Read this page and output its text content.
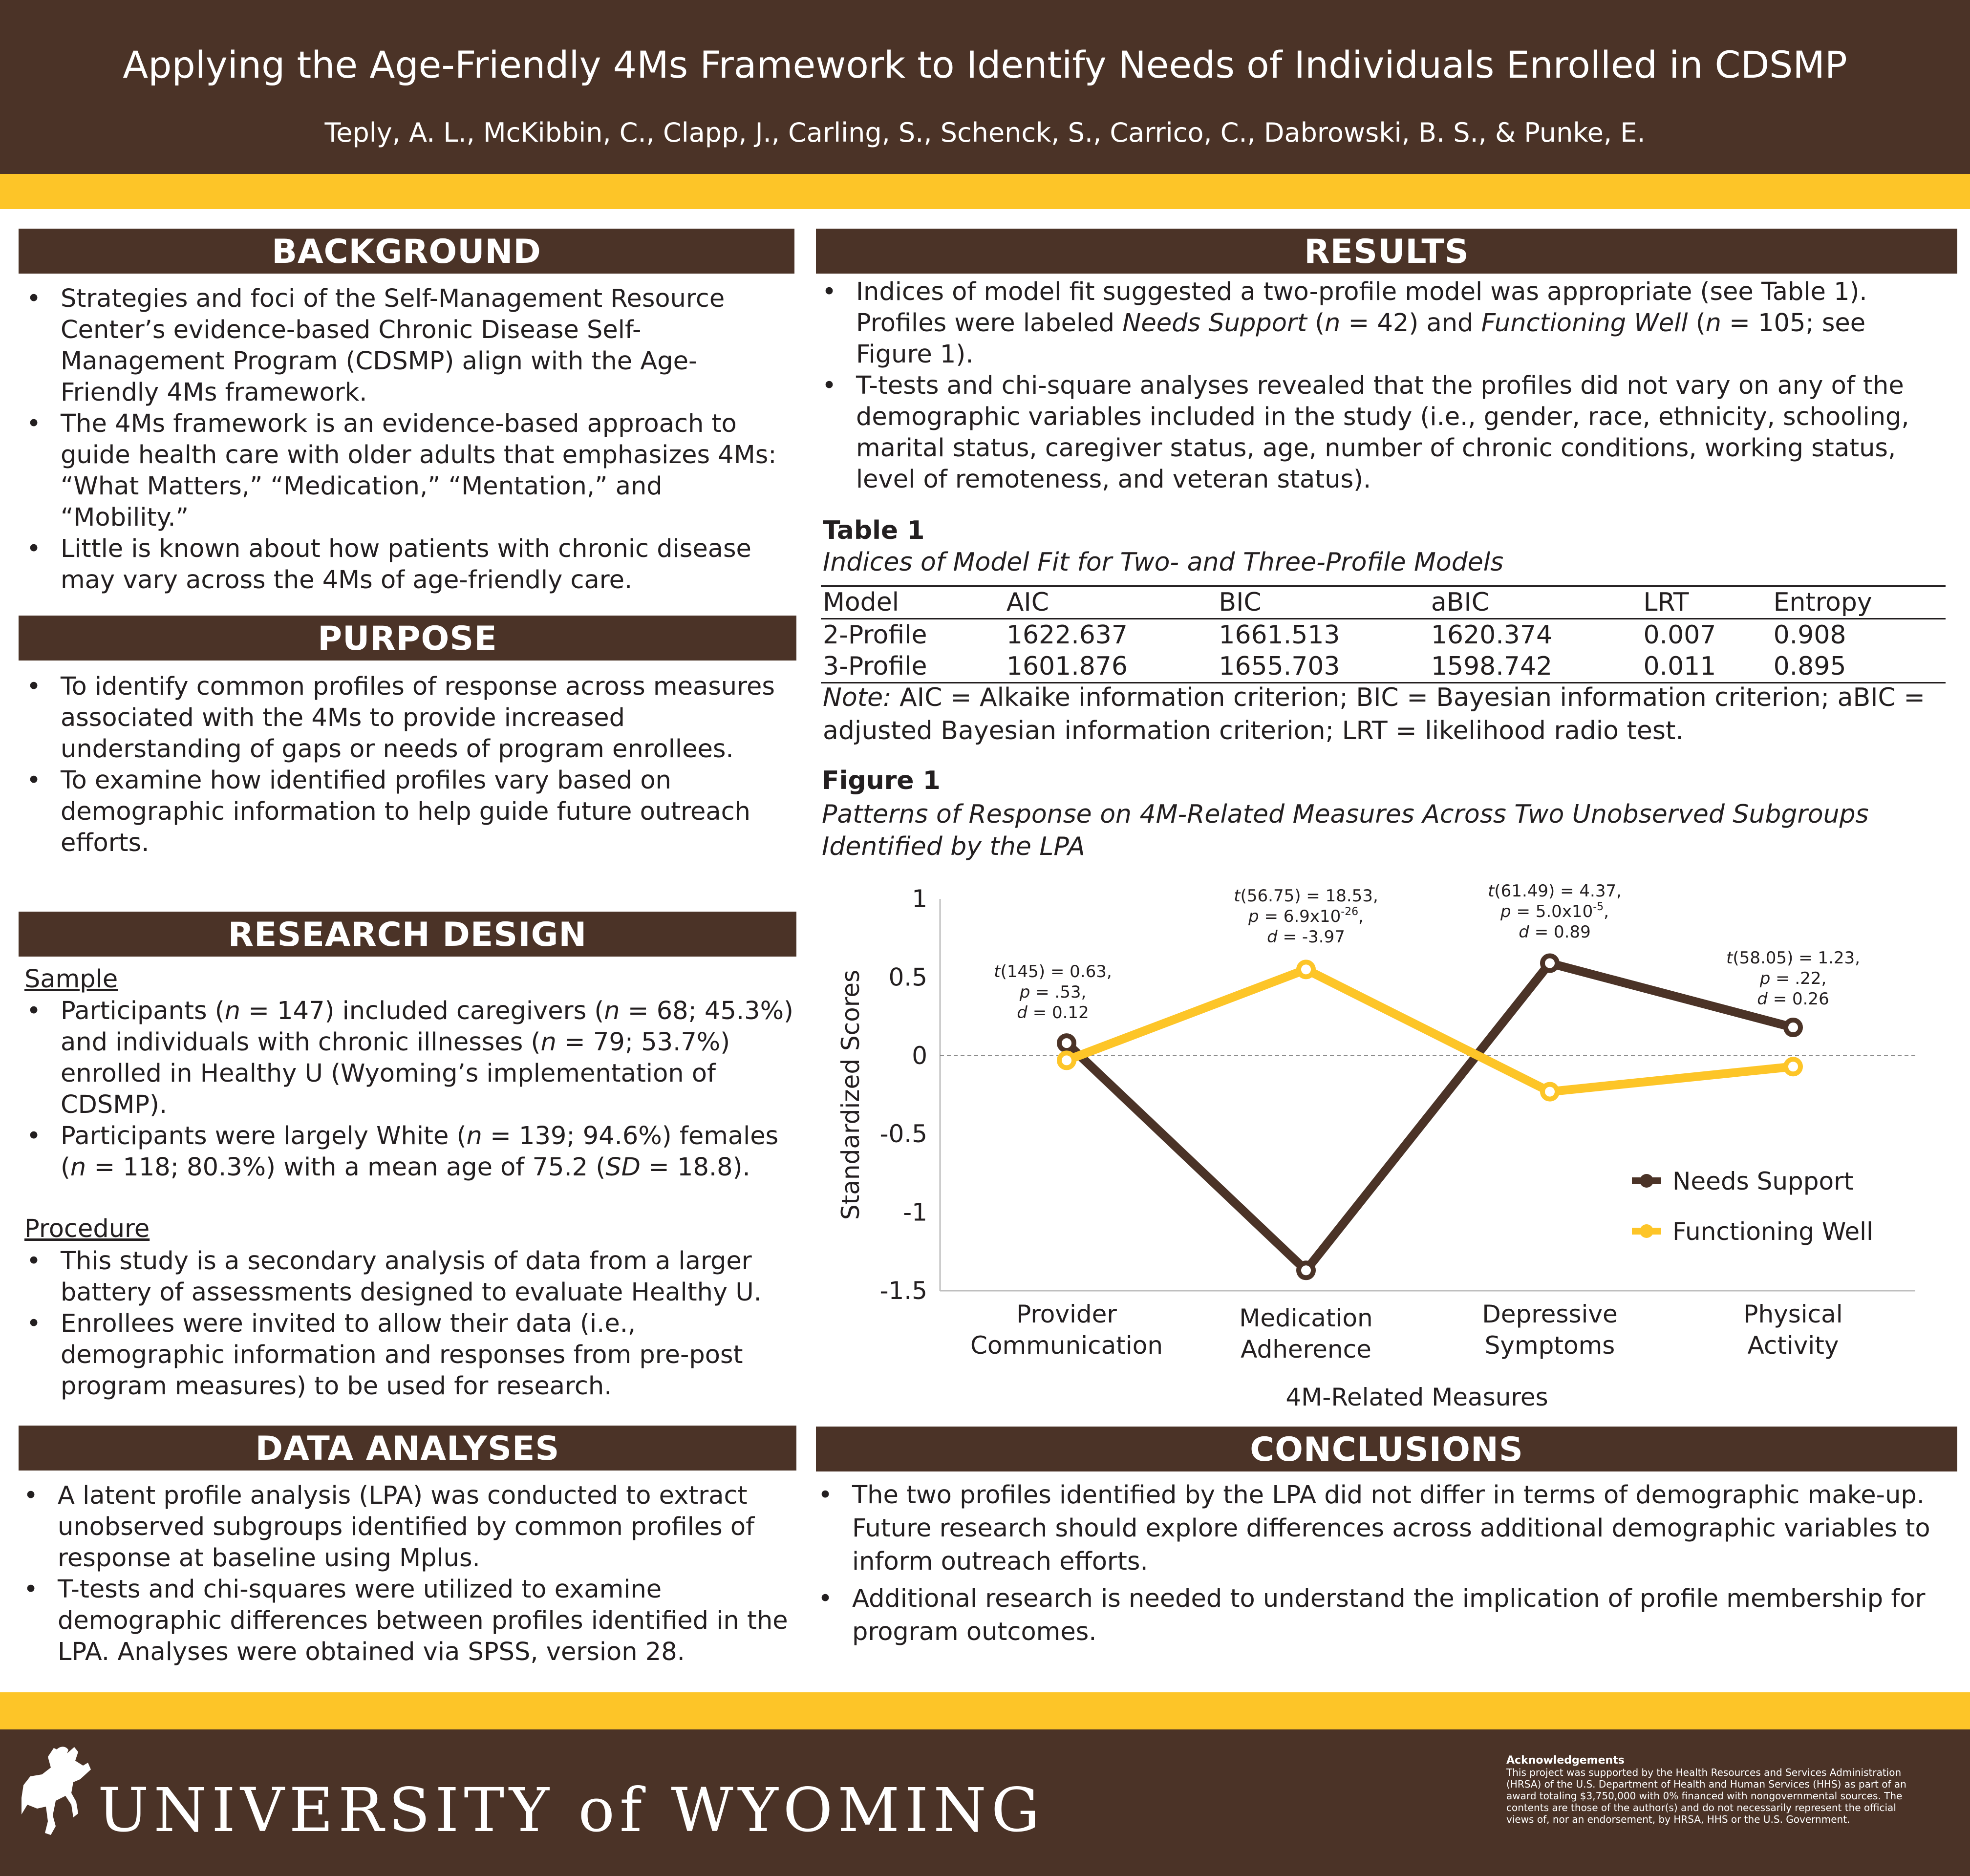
Applying the Age-Friendly 4Ms Framework to Identify Needs of Individuals Enrolled in CDSMP
Teply, A. L., McKibbin, C., Clapp, J., Carling, S., Schenck, S., Carrico, C., Dabrowski, B. S., & Punke, E.
BACKGROUND
• Strategies and foci of the Self-Management Resource Center’s evidence-based Chronic Disease Self-Management Program (CDSMP) align with the Age-Friendly 4Ms framework.
• The 4Ms framework is an evidence-based approach to guide health care with older adults that emphasizes 4Ms: “What Matters,” “Medication,” “Mentation,” and “Mobility.”
• Little is known about how patients with chronic disease may vary across the 4Ms of age-friendly care.
PURPOSE
• To identify common profiles of response across measures associated with the 4Ms to provide increased understanding of gaps or needs of program enrollees.
• To examine how identified profiles vary based on demographic information to help guide future outreach efforts.
RESEARCH DESIGN
Sample
• Participants (n = 147) included caregivers (n = 68; 45.3%) and individuals with chronic illnesses (n = 79; 53.7%) enrolled in Healthy U (Wyoming’s implementation of CDSMP).
• Participants were largely White (n = 139; 94.6%) females (n = 118; 80.3%) with a mean age of 75.2 (SD = 18.8).
Procedure
• This study is a secondary analysis of data from a larger battery of assessments designed to evaluate Healthy U.
• Enrollees were invited to allow their data (i.e., demographic information and responses from pre-post program measures) to be used for research.
DATA ANALYSES
• A latent profile analysis (LPA) was conducted to extract unobserved subgroups identified by common profiles of response at baseline using Mplus.
• T-tests and chi-squares were utilized to examine demographic differences between profiles identified in the LPA. Analyses were obtained via SPSS, version 28.
RESULTS
• Indices of model fit suggested a two-profile model was appropriate (see Table 1). Profiles were labeled Needs Support (n = 42) and Functioning Well (n = 105; see Figure 1).
• T-tests and chi-square analyses revealed that the profiles did not vary on any of the demographic variables included in the study (i.e., gender, race, ethnicity, schooling, marital status, caregiver status, age, number of chronic conditions, working status, level of remoteness, and veteran status).
Table 1
Indices of Model Fit for Two- and Three-Profile Models
Model	AIC	BIC	aBIC	LRT	Entropy
2-Profile	1622.637	1661.513	1620.374	0.007	0.908
3-Profile	1601.876	1655.703	1598.742	0.011	0.895
Note: AIC = Alkaike information criterion; BIC = Bayesian information criterion; aBIC = adjusted Bayesian information criterion; LRT = likelihood radio test.
Figure 1
Patterns of Response on 4M-Related Measures Across Two Unobserved Subgroups Identified by the LPA
1
0.5
0
-0.5
-1
-1.5
Provider
Communication
Medication
Adherence
Depressive
Symptoms
Physical
Activity
t(145) = 0.63,
p = .53,
d = 0.12
t(56.75) = 18.53,
$p = 6.9x10^{-26}$,
d = -3.97
t(61.49) = 4.37,
$p = 5.0x10^{-5}$,
d = 0.89
t(58.05) = 1.23,
p = .22,
d = 0.26
Standardized Scores
4M-Related Measures
Needs Support
Functioning Well
CONCLUSIONS
• The two profiles identified by the LPA did not differ in terms of demographic make-up. Future research should explore differences across additional demographic variables to inform outreach efforts.
• Additional research is needed to understand the implication of profile membership for program outcomes.
UNIVERSITY of WYOMING
Acknowledgements
This project was supported by the Health Resources and Services Administration (HRSA) of the U.S. Department of Health and Human Services (HHS) as part of an award totaling $3,750,000 with 0% financed with nongovernmental sources. The contents are those of the author(s) and do not necessarily represent the official views of, nor an endorsement, by HRSA, HHS or the U.S. Government.
